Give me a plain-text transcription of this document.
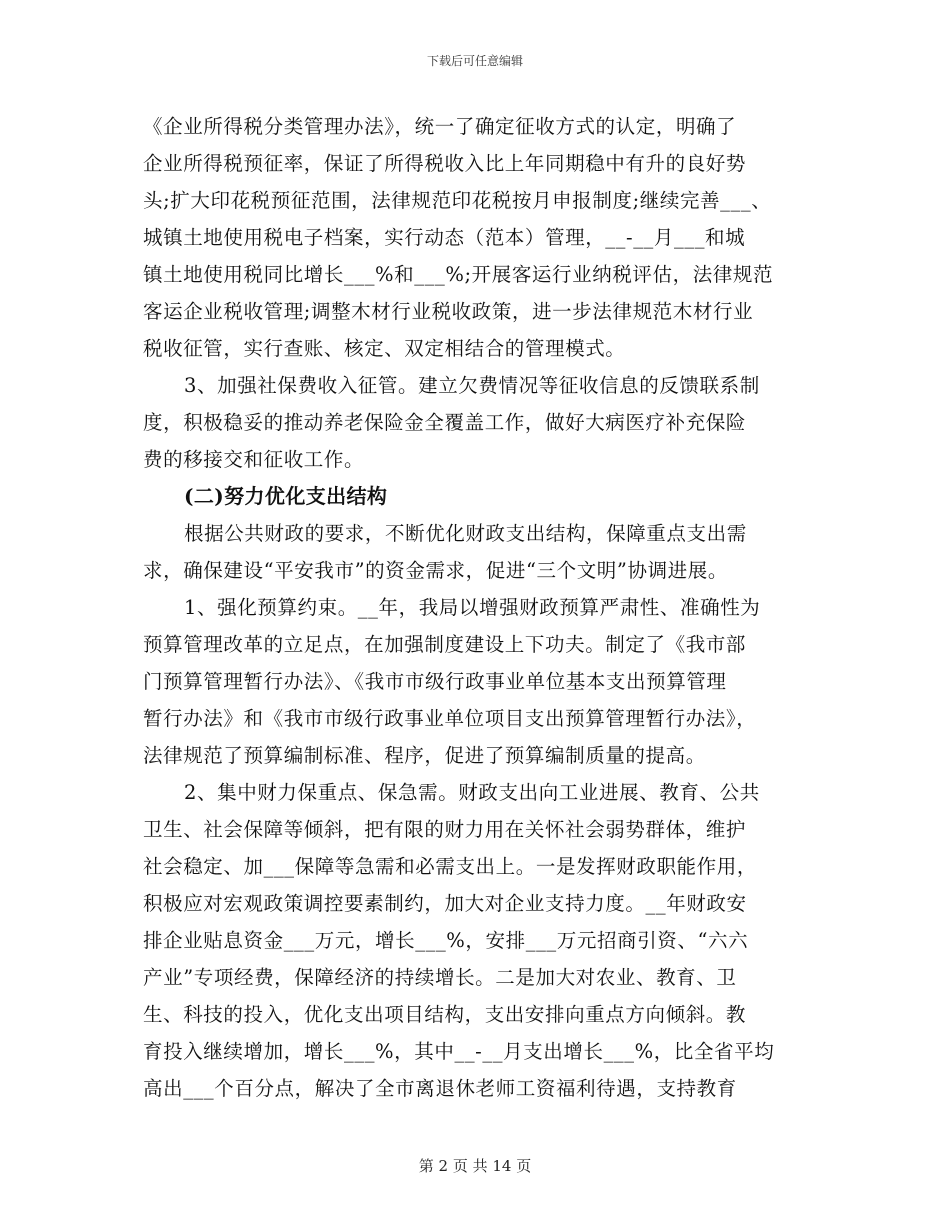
下载后可任意编辑
《企业所得税分类管理办法》，统一了确定征收方式的认定，明确了
企业所得税预征率，保证了所得税收入比上年同期稳中有升的良好势
头;扩大印花税预征范围，法律规范印花税按月申报制度;继续完善___、
城镇土地使用税电子档案，实行动态（范本）管理，__-__月___和城
镇土地使用税同比增长___%和___%;开展客运行业纳税评估，法律规范
客运企业税收管理;调整木材行业税收政策，进一步法律规范木材行业
税收征管，实行查账、核定、双定相结合的管理模式。
3、加强社保费收入征管。建立欠费情况等征收信息的反馈联系制
度，积极稳妥的推动养老保险金全覆盖工作，做好大病医疗补充保险
费的移接交和征收工作。
(二)努力优化支出结构
根据公共财政的要求，不断优化财政支出结构，保障重点支出需
求，确保建设“平安我市”的资金需求，促进“三个文明”协调进展。
1、强化预算约束。__年，我局以增强财政预算严肃性、准确性为
预算管理改革的立足点，在加强制度建设上下功夫。制定了《我市部
门预算管理暂行办法》、《我市市级行政事业单位基本支出预算管理
暂行办法》和《我市市级行政事业单位项目支出预算管理暂行办法》，
法律规范了预算编制标准、程序，促进了预算编制质量的提高。
2、集中财力保重点、保急需。财政支出向工业进展、教育、公共
卫生、社会保障等倾斜，把有限的财力用在关怀社会弱势群体，维护
社会稳定、加___保障等急需和必需支出上。一是发挥财政职能作用，
积极应对宏观政策调控要素制约，加大对企业支持力度。__年财政安
排企业贴息资金___万元，增长___%，安排___万元招商引资、“六六
产业”专项经费，保障经济的持续增长。二是加大对农业、教育、卫
生、科技的投入，优化支出项目结构，支出安排向重点方向倾斜。教
育投入继续增加，增长___%，其中__-__月支出增长___%，比全省平均
高出___个百分点，解决了全市离退休老师工资福利待遇，支持教育
第 2 页 共 14 页
